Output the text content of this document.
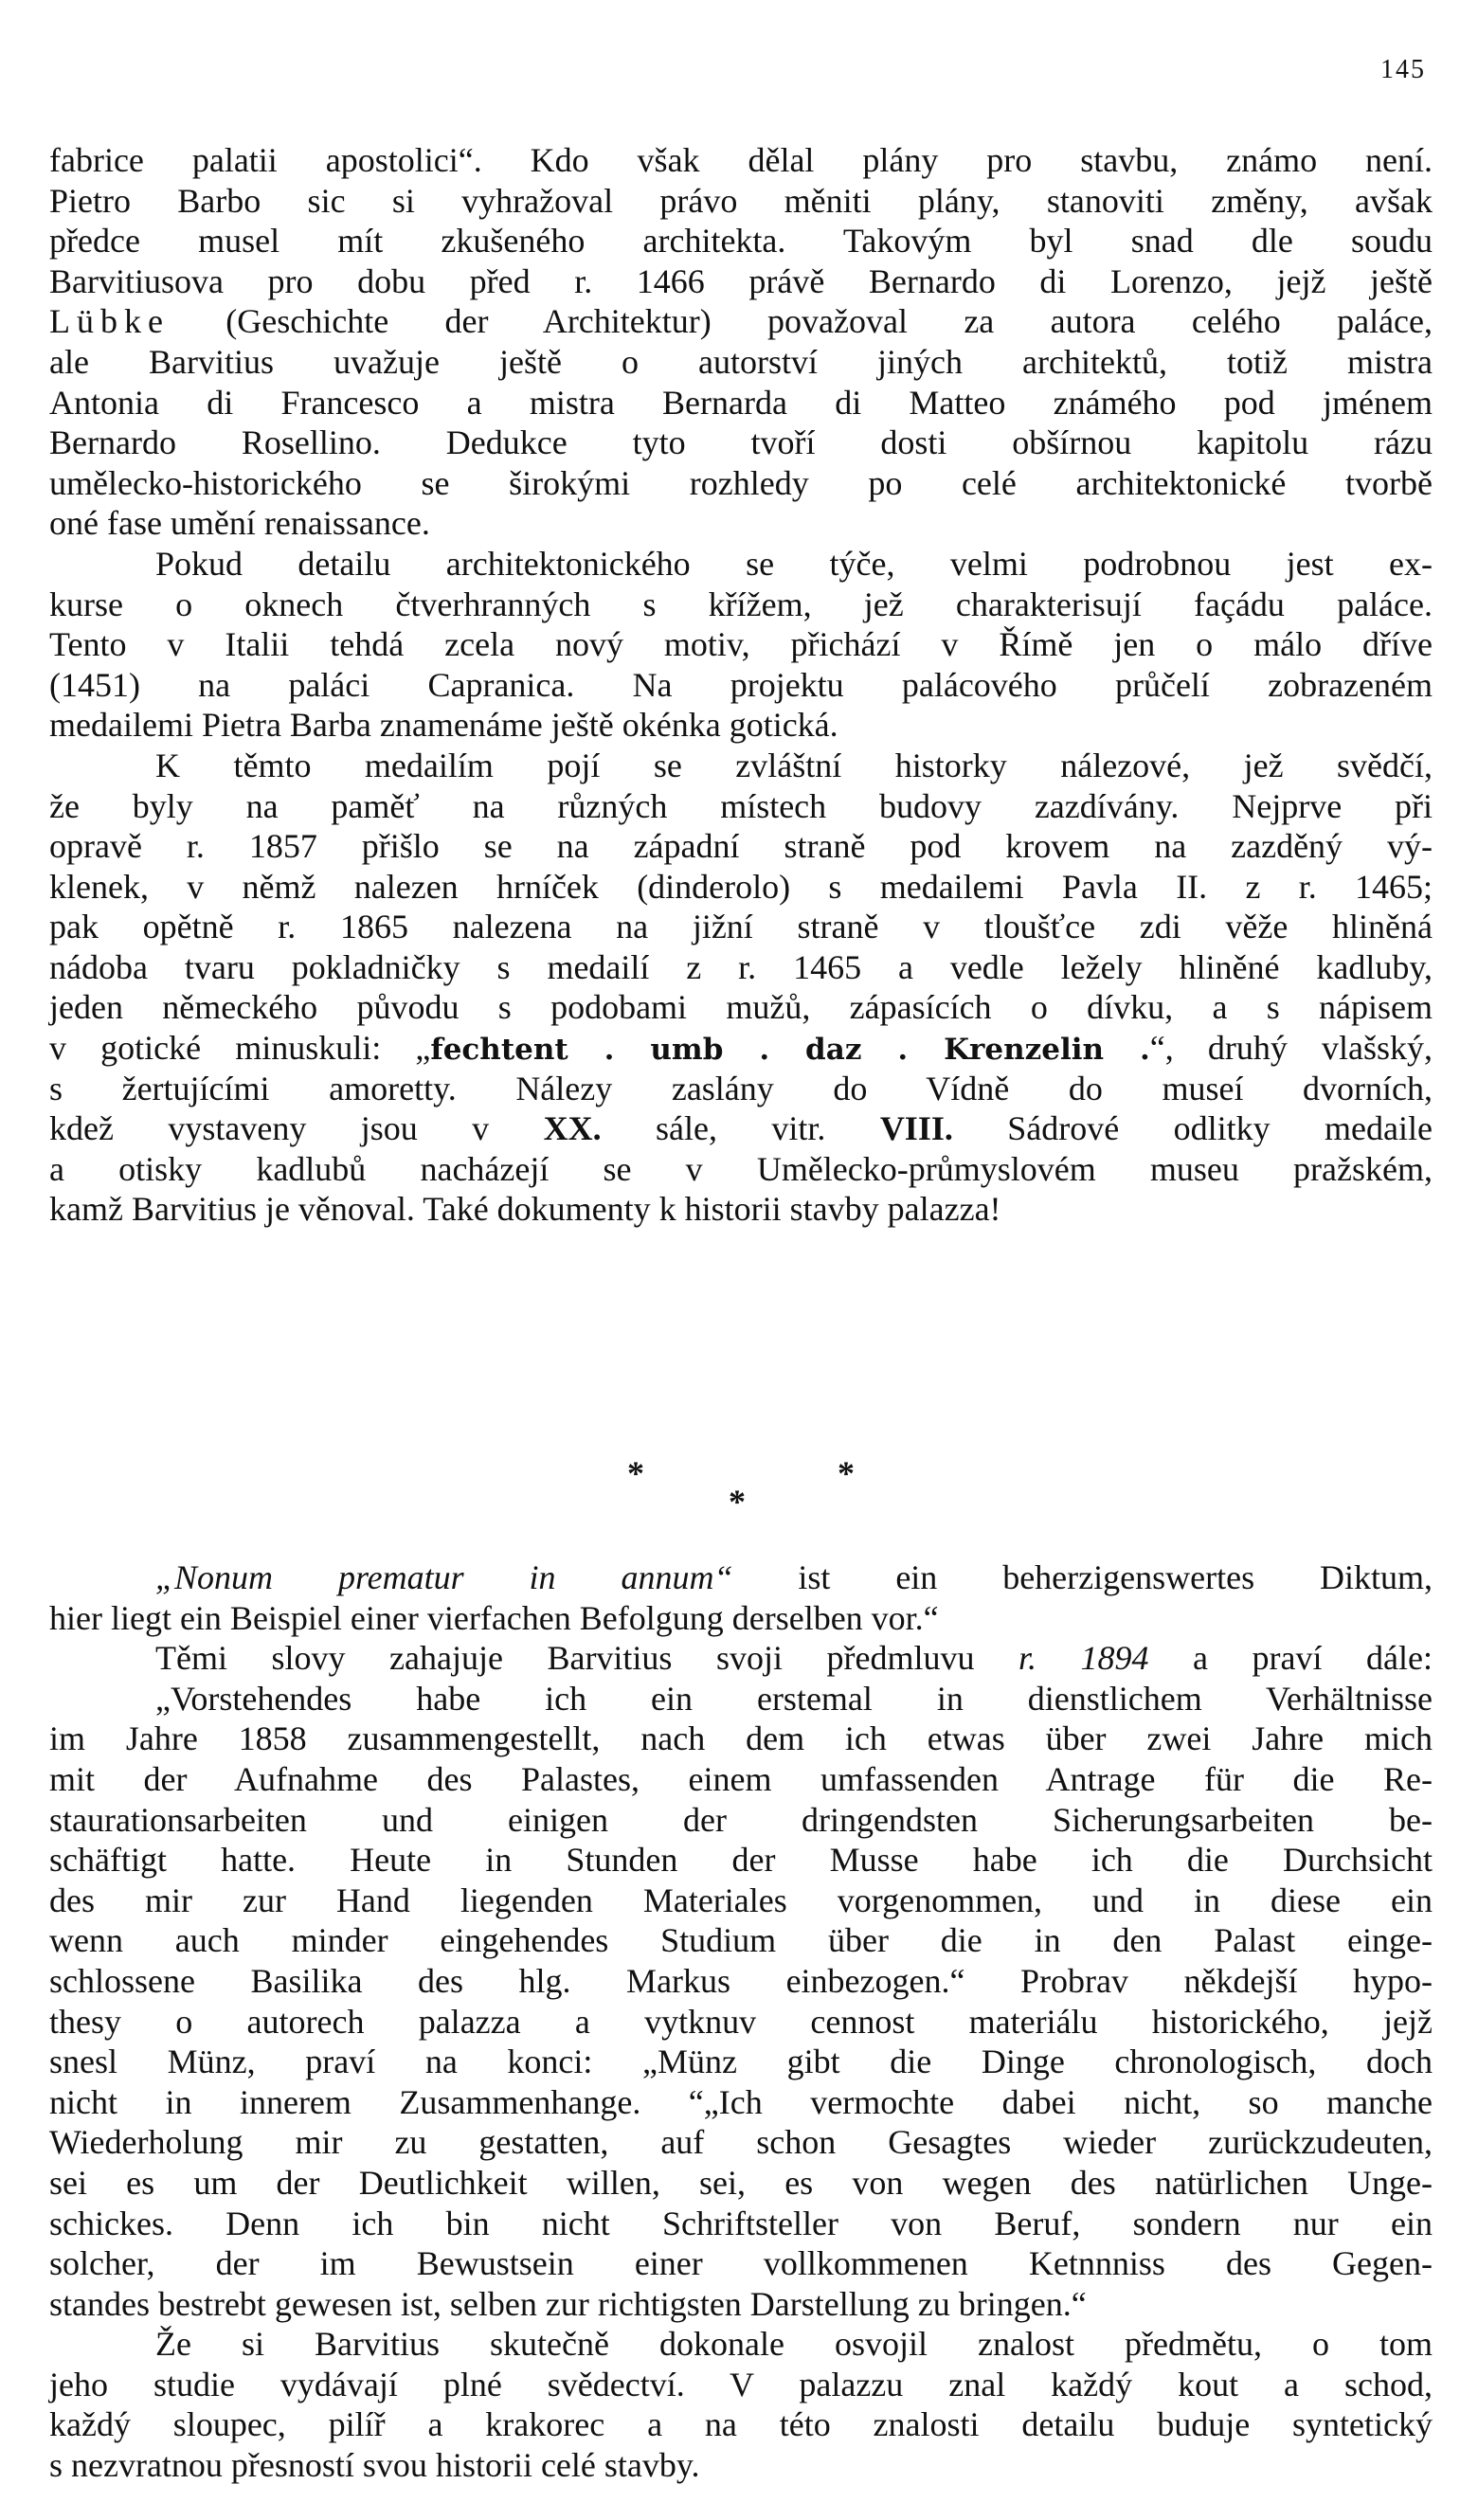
145
fabrice palatii apostolici“. Kdo však dělal plány pro stavbu, známo není.
Pietro Barbo sic si vyhražoval právo měniti plány, stanoviti změny, avšak
předce musel mít zkušeného architekta. Takovým byl snad dle soudu
Barvitiusova pro dobu před r. 1466 právě Bernardo di Lorenzo, jejž ještě
Lübke (Geschichte der Architektur) považoval za autora celého paláce,
ale Barvitius uvažuje ještě o autorství jiných architektů, totiž mistra
Antonia di Francesco a mistra Bernarda di Matteo známého pod jménem
Bernardo Rosellino. Dedukce tyto tvoří dosti obšírnou kapitolu rázu
umělecko-historického se širokými rozhledy po celé architektonické tvorbě
oné fase umění renaissance.
Pokud detailu architektonického se týče, velmi podrobnou jest ex-
kurse o oknech čtverhranných s křížem, jež charakterisují façádu paláce.
Tento v Italii tehdá zcela nový motiv, přichází v Římě jen o málo dříve
(1451) na paláci Capranica. Na projektu palácového průčelí zobrazeném
medailemi Pietra Barba znamenáme ještě okénka gotická.
K těmto medailím pojí se zvláštní historky nálezové, jež svědčí,
že byly na paměť na různých místech budovy zazdívány. Nejprve při
opravě r. 1857 přišlo se na západní straně pod krovem na zazděný vý-
klenek, v němž nalezen hrníček (dinderolo) s medailemi Pavla II. z r. 1465;
pak opětně r. 1865 nalezena na jižní straně v tloušťce zdi věže hliněná
nádoba tvaru pokladničky s medailí z r. 1465 a vedle ležely hliněné kadluby,
jeden německého původu s podobami mužů, zápasících o dívku, a s nápisem
v gotické minuskuli: „fechtent . umb . daz . Krenzelin .“, druhý vlašský,
s žertujícími amoretty. Nálezy zaslány do Vídně do museí dvorních,
kdež vystaveny jsou v XX. sále, vitr. VIII. Sádrové odlitky medaile
a otisky kadlubů nacházejí se v Umělecko-průmyslovém museu pražském,
kamž Barvitius je věnoval. Také dokumenty k historii stavby palazza!
*
*
*
„Nonum prematur in annum“ ist ein beherzigenswertes Diktum,
hier liegt ein Beispiel einer vierfachen Befolgung derselben vor.“
Těmi slovy zahajuje Barvitius svoji předmluvu r. 1894 a praví dále:
„Vorstehendes habe ich ein erstemal in dienstlichem Verhältnisse
im Jahre 1858 zusammengestellt, nach dem ich etwas über zwei Jahre mich
mit der Aufnahme des Palastes, einem umfassenden Antrage für die Re-
staurationsarbeiten und einigen der dringendsten Sicherungsarbeiten be-
schäftigt hatte. Heute in Stunden der Musse habe ich die Durchsicht
des mir zur Hand liegenden Materiales vorgenommen, und in diese ein
wenn auch minder eingehendes Studium über die in den Palast einge-
schlossene Basilika des hlg. Markus einbezogen.“ Probrav někdejší hypo-
thesy o autorech palazza a vytknuv cennost materiálu historického, jejž
snesl Münz, praví na konci: „Münz gibt die Dinge chronologisch, doch
nicht in innerem Zusammenhange. “„Ich vermochte dabei nicht, so manche
Wiederholung mir zu gestatten, auf schon Gesagtes wieder zurückzudeuten,
sei es um der Deutlichkeit willen, sei, es von wegen des natürlichen Unge-
schickes. Denn ich bin nicht Schriftsteller von Beruf, sondern nur ein
solcher, der im Bewustsein einer vollkommenen Ketnnniss des Gegen-
standes bestrebt gewesen ist, selben zur richtigsten Darstellung zu bringen.“
Že si Barvitius skutečně dokonale osvojil znalost předmětu, o tom
jeho studie vydávají plné svědectví. V palazzu znal každý kout a schod,
každý sloupec, pilíř a krakorec a na této znalosti detailu buduje syntetický
s nezvratnou přesností svou historii celé stavby.
